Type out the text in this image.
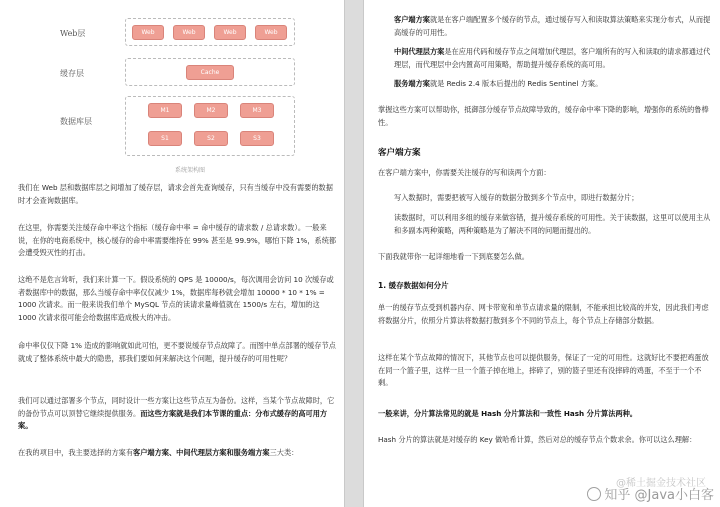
Web层	Web	Web	Web	Web
缓存层	Cache
数据库层
M1	M2	M3
S1	S2	S3
系统架构图
我们在 Web 层和数据库层之间增加了缓存层，请求会首先查询缓存，只有当缓存中没有需要的数据时才会查询数据库。
在这里，你需要关注缓存命中率这个指标（缓存命中率 = 命中缓存的请求数 / 总请求数）。一般来说，在你的电商系统中，核心缓存的命中率需要维持在 99% 甚至是 99.9%，哪怕下降 1%，系统都会遭受毁灭性的打击。
这绝不是危言耸听，我们来计算一下。假设系统的 QPS 是 10000/s，每次调用会访问 10 次缓存或者数据库中的数据，那么当缓存命中率仅仅减少 1%，数据库每秒就会增加 10000 * 10 * 1% = 1000 次请求。而一般来说我们单个 MySQL 节点的读请求量峰值就在 1500/s 左右，增加的这 1000 次请求很可能会给数据库造成极大的冲击。
命中率仅仅下降 1% 造成的影响就如此可怕，更不要说缓存节点故障了。而图中单点部署的缓存节点就成了整体系统中最大的隐患，那我们要如何来解决这个问题，提升缓存的可用性呢？
我们可以通过部署多个节点，同时设计一些方案让这些节点互为备份。这样，当某个节点故障时，它的备份节点可以顶替它继续提供服务。而这些方案就是我们本节课的重点：分布式缓存的高可用方案。
在我的项目中，我主要选择的方案有客户端方案、中间代理层方案和服务端方案三大类：
客户端方案就是在客户端配置多个缓存的节点，通过缓存写入和读取算法策略来实现分布式，从而提高缓存的可用性。
中间代理层方案是在应用代码和缓存节点之间增加代理层，客户端所有的写入和读取的请求都通过代理层，而代理层中会内置高可用策略，帮助提升缓存系统的高可用。
服务端方案就是 Redis 2.4 版本后提出的 Redis Sentinel 方案。
掌握这些方案可以帮助你，抵御部分缓存节点故障导致的，缓存命中率下降的影响，增强你的系统的鲁棒性。
客户端方案
在客户端方案中，你需要关注缓存的写和读两个方面：
写入数据时，需要把被写入缓存的数据分散到多个节点中，即进行数据分片；
读数据时，可以利用多组的缓存来做容错，提升缓存系统的可用性。关于读数据，这里可以使用主从和多副本两种策略，两种策略是为了解决不同的问题而提出的。
下面我就带你一起详细地看一下到底要怎么做。
1. 缓存数据如何分片
单一的缓存节点受到机器内存、网卡带宽和单节点请求量的限制，不能承担比较高的并发，因此我们考虑将数据分片，依照分片算法将数据打散到多个不同的节点上，每个节点上存储部分数据。
这样在某个节点故障的情况下，其他节点也可以提供服务，保证了一定的可用性。这就好比不要把鸡蛋放在同一个篮子里，这样一旦一个篮子掉在地上，摔碎了，别的篮子里还有没摔碎的鸡蛋，不至于一个不剩。
一般来讲，分片算法常见的就是 Hash 分片算法和一致性 Hash 分片算法两种。
Hash 分片的算法就是对缓存的 Key 做哈希计算，然后对总的缓存节点个数求余。你可以这么理解：
@稀土掘金技术社区
知乎 @Java小白客
